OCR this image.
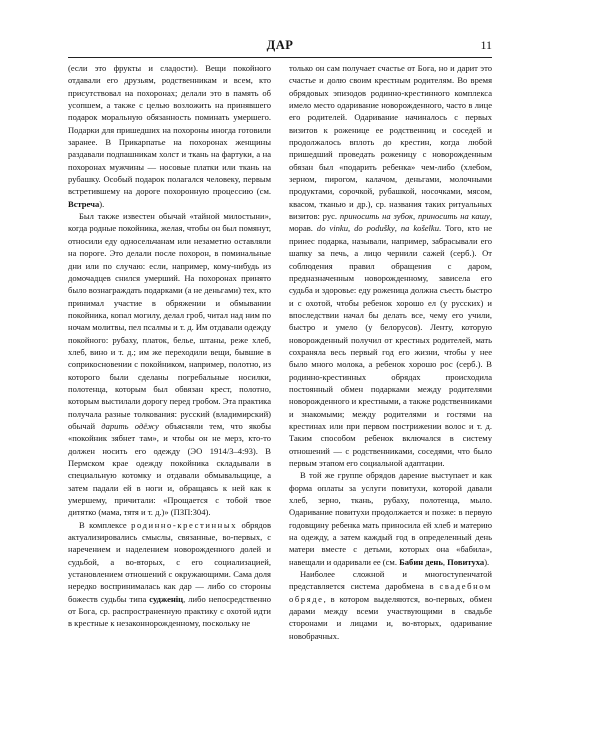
ДАР	11

(если это фрукты и сладости). Вещи покойного отдавали его друзьям, родственникам и всем, кто присутствовал на похоронах; делали это в память об усопшем, а также с целью возложить на принявшего подарок моральную обязанность поминать умершего. Подарки для пришедших на похороны иногда готовили заранее. В Прикарпатье на похоронах женщины раздавали подпашникам холст и ткань на фартуки, а на похоронах мужчины — носовые платки или ткань на рубашку. Особый подарок полагался человеку, первым встретившему на дороге похоронную процессию (см. Встреча).

Был также известен обычай «тайной милостыни», когда родные покойника, желая, чтобы он был помянут, относили еду односельчанам или незаметно оставляли на пороге. Это делали после похорон, в поминальные дни или по случаю: если, например, кому-нибудь из домочадцев снился умерший. На похоронах принято было вознаграждать подарками (а не деньгами) тех, кто принимал участие в обряжении и обмывании покойника, копал могилу, делал гроб, читал над ним по ночам молитвы, пел псалмы и т. д. Им отдавали одежду покойного: рубаху, платок, белье, штаны, реже хлеб, хлеб, вино и т. д.; им же переходили вещи, бывшие в соприкосновении с покойником, например, полотно, из которого были сделаны погребальные носилки, полотенца, которым был обвязан крест, полотно, которым выстилали дорогу перед гробом. Эта практика получала разные толкования: русский (владимирский) обычай дарить одёжу объясняли тем, что якобы «покойник зябнет там», и чтобы он не мерз, кто-то должен носить его одежду (ЭО 1914/3–4:93). В Пермском крае одежду покойника складывали в специальную котомку и отдавали обмывальщице, а затем падали ей в ноги и, обращаясь к ней как к умершему, причитали: «Прощается с тобой твое дитятко (мама, тятя и т. д.)» (ПЗП:304).

В комплексе родинно-крестинных обрядов актуализировались смыслы, связанные, во-первых, с наречением и наделением новорожденного долей и судьбой, а во-вторых, с его социализацией, установлением отношений с окружающими. Сама доля нередко воспринималась как дар — либо со стороны божеств судьбы типа судженіц, либо непосредственно от Бога, ср. распространенную практику с охотой идти в крестные к незаконнорожденному, поскольку не

только он сам получает счастье от Бога, но и дарит это счастье и долю своим крестным родителям. Во время обрядовых эпизодов родинно-крестинного комплекса имело место одаривание новорожденного, часто в лице его родителей. Одаривание начиналось с первых визитов к роженице ее родственниц и соседей и продолжалось вплоть до крестин, когда любой пришедший проведать роженицу с новорожденным обязан был «подарить ребенка» чем-либо (хлебом, зерном, пирогом, калачом, деньгами, молочными продуктами, сорочкой, рубашкой, носочками, мясом, квасом, тканью и др.), ср. названия таких ритуальных визитов: рус. приносить на зубок, приносить на кашу, морав. do vinku, do podušky, na košelku. Того, кто не принес подарка, называли, например, забрасывали его шапку за печь, а лицо чернили сажей (серб.). От соблюдения правил обращения с даром, предназначенным новорожденному, зависела его судьба и здоровье: еду роженица должна съесть быстро и с охотой, чтобы ребенок хорошо ел (у русских) и впоследствии начал бы делать все, чему его учили, быстро и умело (у белорусов). Ленту, которую новорожденный получил от крестных родителей, мать сохраняла весь первый год его жизни, чтобы у нее было много молока, а ребенок хорошо рос (серб.). В родинно-крестинных обрядах происходила постоянный обмен подарками между родителями новорожденного и крестными, а также родственниками и знакомыми; между родителями и гостями на крестинах или при первом пострижении волос и т. д. Таким способом ребенок включался в систему отношений — с родственниками, соседями, что было первым этапом его социальной адаптации.

В той же группе обрядов дарение выступает и как форма оплаты за услуги повитухи, которой давали хлеб, зерно, ткань, рубаху, полотенца, мыло. Одаривание повитухи продолжается и позже: в первую годовщину ребенка мать приносила ей хлеб и материю на одежду, а затем каждый год в определенный день матери вместе с детьми, которых она «бабила», навещали и одаривали ее (см. Бабин день, Повитуха).

Наиболее сложной и многоступенчатой представляется система даробмена в свадебном обряде, в котором выделяются, во-первых, обмен дарами между всеми участвующими в свадьбе сторонами и лицами и, во-вторых, одаривание новобрачных.
